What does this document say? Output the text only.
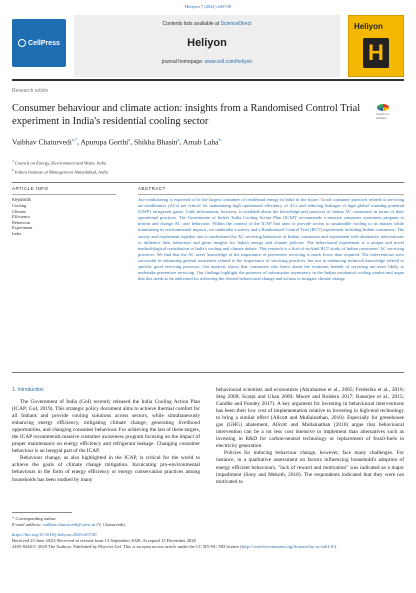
Heliyon 7 (2021) e05749
CellPress
Contents lists available at ScienceDirect
Heliyon
journal homepage: www.cell.com/heliyon
Heliyon
H
Research article
Consumer behaviour and climate action: insights from a Randomised Control Trial experiment in India's residential cooling sector
Check for updates
Vaibhav Chaturvedi$^{a,*}$, Apurupa Gorthi$^a$, Shikha Bhasin$^a$, Arnab Laha$^b$
$^a$ Council on Energy, Environment and Water, India
$^b$ Indian Institute of Management Ahmedabad, India
ARTICLE INFO	ABSTRACT
Keywords
Cooling
Climate
Efficiency
Behaviour
Experiment
India

Air-conditioning is expected to be the largest consumer of residential energy in India in the future. Good consumer practices related to servicing air-conditioners (ACs) are critical for maintaining high operational efficiency of ACs and reducing leakages of high global warming potential (GWP) refrigerant gases. Little information, however, is available about the knowledge and practices of Indian AC consumers in terms of their operational practices. The Government of India's 'India Cooling Action Plan (ICAP)' recommends a massive consumer awareness program to inform and change AC user behaviour. Within the context of the ICAP that aims to provide access to sustainable cooling to its masses while minimizing its environmental impacts, we undertake a survey and a Randomised Control Trial (RCT) experiment including Indian consumers. The survey and experiment together aim to understand the AC servicing behaviour of Indian consumers and experiment with alternative interventions to influence their behaviour and glean insights for India's energy and climate policies. The behavioural experiment is a unique and novel methodological contribution to India's cooling and climate debate. This research is a first-of-its-kind RCT study of Indian consumers' AC servicing practices. We find that the AC users' knowledge of the importance of preventive servicing is much lower than required. The interventions were successful in enhancing general awareness related to the importance of servicing practices, but not in enhancing technical knowledge related to specific good servicing practices. Our analysis shows that consumers who know about the economic benefit of servicing are more likely to undertake preventive servicing. Our findings highlight the presence of information asymmetry in the Indian residential cooling market and argue that this needs to be addressed for achieving the desired behavioural change and actions to mitigate climate change.

1. Introduction
The Government of India (GoI) recently released the India Cooling Action Plan (ICAP; GoI, 2019). This strategic policy document aims to achieve thermal comfort for all Indians and provide cooling solutions across sectors, while simultaneously enhancing energy efficiency, mitigating climate change, generating livelihood opportunities, and changing consumer behaviour. For achieving the last of these targets, the ICAP recommends massive customer awareness program focusing on the impact of proper maintenance on energy efficiency and refrigerant leakage. Changing consumer behaviour is an integral part of the ICAP.
Behaviour change, as also highlighted in the ICAP, is critical for the world to achieve the goals of climate change mitigation. Inculcating pro-environmental behaviours in the form of energy efficiency or energy conservation practices among households has been studied by many
behavioural scientists and economists (Abrahamse et al., 2005; Frederiks et al., 2016; Steg 2008; Scarpi and Uhan 2009; Moore and Boldero 2017; Banerjee et al., 2015; Gandhe and Pondey 2017). A key argument for investing in behavioural interventions has been their low cost of implementation relative to investing in high-end technology to bring a similar effect (Allcott and Mullainathan, 2010). Especially for greenhouse gas (GHG) abatement, Allcott and Mullainathan (2010) argue that behavioural intervention can be a lot less cost intensive to implement than alternatives such as investing in R&D for carbon-neutral technology or replacement of fossil-fuels in electricity generation.
Policies for inducing behaviour change, however, face many challenges. For instance, in a qualitative assessment on factors influencing household's adoption of energy efficient behaviours, "lack of reward and motivation" was indicated as a major impediment (Sony and Mekoth, 2018). The respondents indicated that they were not motivated to
* Corresponding author.
E-mail address: vaibhav.chaturvedi@ceew.in (V. Chaturvedi).
https://doi.org/10.1016/j.heliyon.2020.e05749
Received 23 June 2020; Received in revised form 13 September 2020; Accepted 13 December 2020
2405-8440/© 2020 The Authors. Published by Elsevier Ltd. This is an open access article under the CC BY-NC-ND license (http://creativecommons.org/licenses/by-nc-nd/4.0/).
